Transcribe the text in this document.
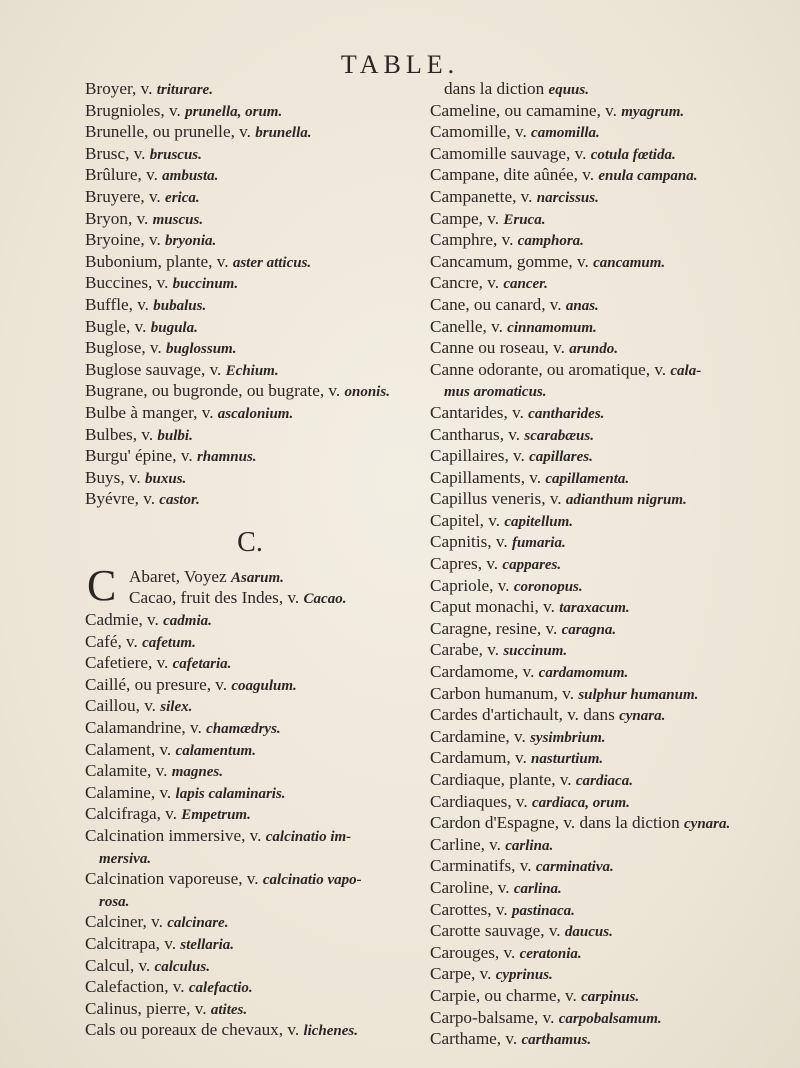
TABLE.
Broyer, v. triturare.
Brugnioles, v. prunella, orum.
Brunelle, ou prunelle, v. brunella.
Brusc, v. bruscus.
Brûlure, v. ambusta.
Bruyere, v. erica.
Bryon, v. muscus.
Bryoine, v. bryonia.
Bubonium, plante, v. aster atticus.
Buccines, v. buccinum.
Buffle, v. bubalus.
Bugle, v. bugula.
Buglose, v. buglossum.
Buglose sauvage, v. Echium.
Bugrane, ou bugronde, ou bugrate, v. ononis.
Bulbe à manger, v. ascalonium.
Bulbes, v. bulbi.
Burgu' épine, v. rhamnus.
Buys, v. buxus.
Byévre, v. castor.
C.
C Abaret, Voyez Asarum.
Cacao, fruit des Indes, v. Cacao.
Cadmie, v. cadmia.
Café, v. cafetum.
Cafetiere, v. cafetaria.
Caillé, ou presure, v. coagulum.
Caillou, v. silex.
Calamandrine, v. chamædrys.
Calament, v. calamentum.
Calamite, v. magnes.
Calamine, v. lapis calaminaris.
Calcifraga, v. Empetrum.
Calcination immersive, v. calcinatio im-
mersiva.
Calcination vaporeuse, v. calcinatio vapo-
rosa.
Calciner, v. calcinare.
Calcitrapa, v. stellaria.
Calcul, v. calculus.
Calefaction, v. calefactio.
Calinus, pierre, v. atites.
Cals ou poreaux de chevaux, v. lichenes.
dans la diction equus.
Cameline, ou camamine, v. myagrum.
Camomille, v. camomilla.
Camomille sauvage, v. cotula fœtida.
Campane, dite aûnée, v. enula campana.
Campanette, v. narcissus.
Campe, v. Eruca.
Camphre, v. camphora.
Cancamum, gomme, v. cancamum.
Cancre, v. cancer.
Cane, ou canard, v. anas.
Canelle, v. cinnamomum.
Canne ou roseau, v. arundo.
Canne odorante, ou aromatique, v. cala-
mus aromaticus.
Cantarides, v. cantharides.
Cantharus, v. scarabæus.
Capillaires, v. capillares.
Capillaments, v. capillamenta.
Capillus veneris, v. adianthum nigrum.
Capitel, v. capitellum.
Capnitis, v. fumaria.
Capres, v. cappares.
Capriole, v. coronopus.
Caput monachi, v. taraxacum.
Caragne, resine, v. caragna.
Carabe, v. succinum.
Cardamome, v. cardamomum.
Carbon humanum, v. sulphur humanum.
Cardes d'artichault, v. dans cynara.
Cardamine, v. sysimbrium.
Cardamum, v. nasturtium.
Cardiaque, plante, v. cardiaca.
Cardiaques, v. cardiaca, orum.
Cardon d'Espagne, v. dans la diction cynara.
Carline, v. carlina.
Carminatifs, v. carminativa.
Caroline, v. carlina.
Carottes, v. pastinaca.
Carotte sauvage, v. daucus.
Carouges, v. ceratonia.
Carpe, v. cyprinus.
Carpie, ou charme, v. carpinus.
Carpo-balsame, v. carpobalsamum.
Carthame, v. carthamus.
